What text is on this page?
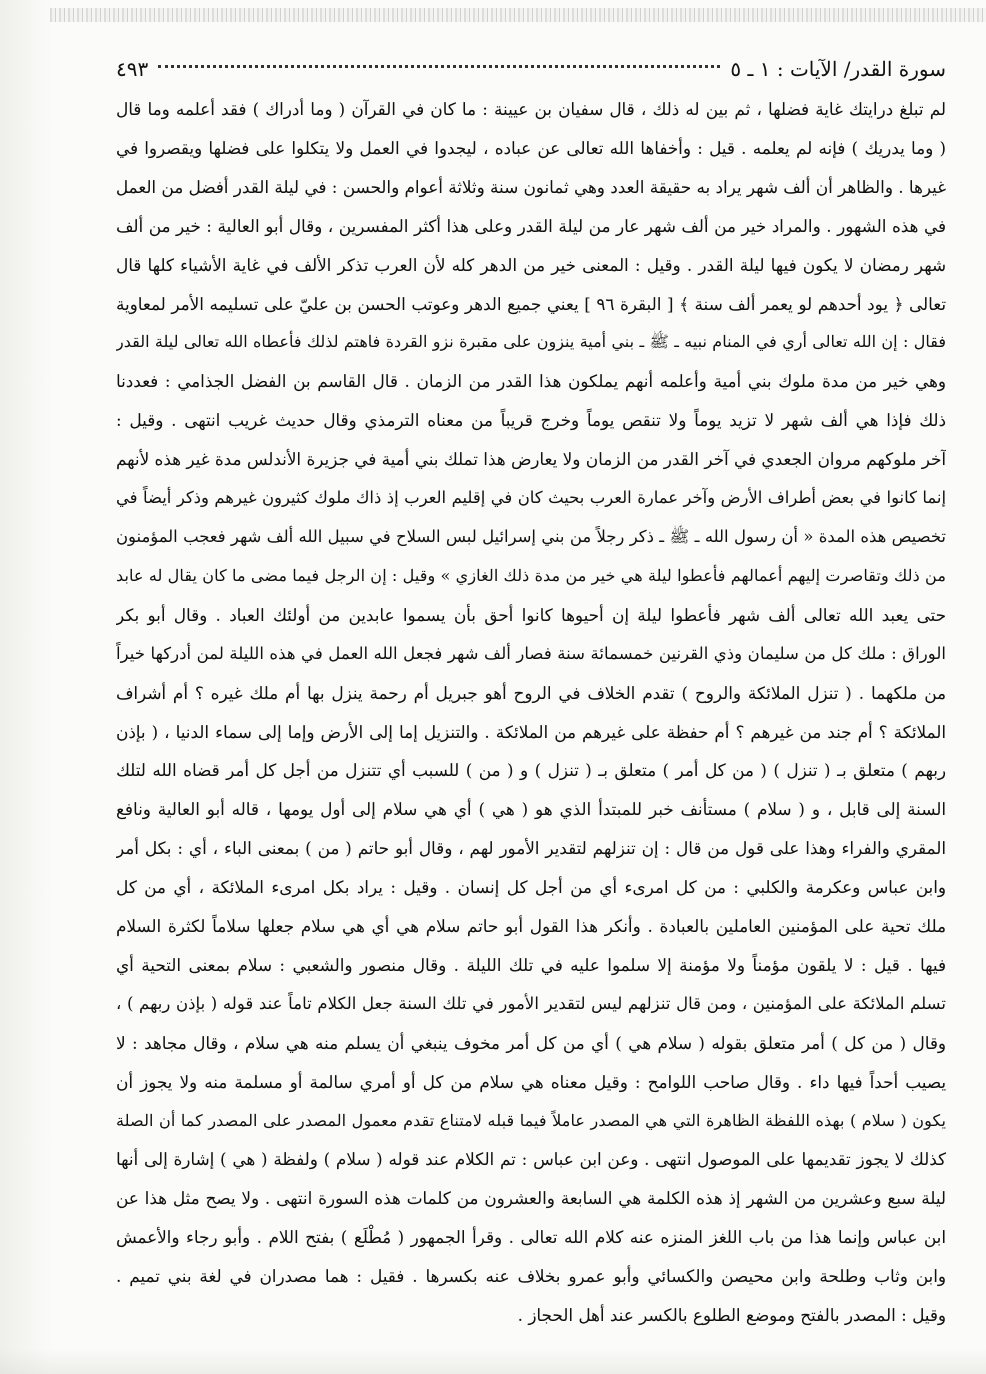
سورة القدر/ الآيات : ١ ـ ٥
٤٩٣
لم تبلغ درايتك غاية فضلها ، ثم بين له ذلك ، قال سفيان بن عيينة : ما كان في القرآن ( وما أدراك ) فقد أعلمه وما قال
( وما يدريك ) فإنه لم يعلمه . قيل : وأخفاها الله تعالى عن عباده ، ليجدوا في العمل ولا يتكلوا على فضلها ويقصروا في
غيرها . والظاهر أن ألف شهر يراد به حقيقة العدد وهي ثمانون سنة وثلاثة أعوام والحسن : في ليلة القدر أفضل من العمل
في هذه الشهور . والمراد خير من ألف شهر عار من ليلة القدر وعلى هذا أكثر المفسرين ، وقال أبو العالية : خير من ألف
شهر رمضان لا يكون فيها ليلة القدر . وقيل : المعنى خير من الدهر كله لأن العرب تذكر الألف في غاية الأشياء كلها قال
تعالى ﴿ يود أحدهم لو يعمر ألف سنة ﴾ [ البقرة ٩٦ ] يعني جميع الدهر وعوتب الحسن بن عليّ على تسليمه الأمر لمعاوية
فقال : إن الله تعالى أري في المنام نبيه ـ ﷺ ـ بني أمية ينزون على مقبرة نزو القردة فاهتم لذلك فأعطاه الله تعالى ليلة القدر
وهي خير من مدة ملوك بني أمية وأعلمه أنهم يملكون هذا القدر من الزمان . قال القاسم بن الفضل الجذامي : فعددنا
ذلك فإذا هي ألف شهر لا تزيد يوماً ولا تنقص يوماً وخرج قريباً من معناه الترمذي وقال حديث غريب انتهى . وقيل :
آخر ملوكهم مروان الجعدي في آخر القدر من الزمان ولا يعارض هذا تملك بني أمية في جزيرة الأندلس مدة غير هذه لأنهم
إنما كانوا في بعض أطراف الأرض وآخر عمارة العرب بحيث كان في إقليم العرب إذ ذاك ملوك كثيرون غيرهم وذكر أيضاً في
تخصيص هذه المدة « أن رسول الله ـ ﷺ ـ ذكر رجلاً من بني إسرائيل لبس السلاح في سبيل الله ألف شهر فعجب المؤمنون
من ذلك وتقاصرت إليهم أعمالهم فأعطوا ليلة هي خير من مدة ذلك الغازي » وقيل : إن الرجل فيما مضى ما كان يقال له عابد
حتى يعبد الله تعالى ألف شهر فأعطوا ليلة إن أحيوها كانوا أحق بأن يسموا عابدين من أولئك العباد . وقال أبو بكر
الوراق : ملك كل من سليمان وذي القرنين خمسمائة سنة فصار ألف شهر فجعل الله العمل في هذه الليلة لمن أدركها خيراً
من ملكهما . ( تنزل الملائكة والروح ) تقدم الخلاف في الروح أهو جبريل أم رحمة ينزل بها أم ملك غيره ؟ أم أشراف
الملائكة ؟ أم جند من غيرهم ؟ أم حفظة على غيرهم من الملائكة . والتنزيل إما إلى الأرض وإما إلى سماء الدنيا ، ( بإذن
ربهم ) متعلق بـ ( تنزل ) ( من كل أمر ) متعلق بـ ( تنزل ) و ( من ) للسبب أي تتنزل من أجل كل أمر قضاه الله لتلك
السنة إلى قابل ، و ( سلام ) مستأنف خبر للمبتدأ الذي هو ( هي ) أي هي سلام إلى أول يومها ، قاله أبو العالية ونافع
المقري والفراء وهذا على قول من قال : إن تنزلهم لتقدير الأمور لهم ، وقال أبو حاتم ( من ) بمعنى الباء ، أي : بكل أمر
وابن عباس وعكرمة والكلبي : من كل امرىء أي من أجل كل إنسان . وقيل : يراد بكل امرىء الملائكة ، أي من كل
ملك تحية على المؤمنين العاملين بالعبادة . وأنكر هذا القول أبو حاتم سلام هي أي هي سلام جعلها سلاماً لكثرة السلام
فيها . قيل : لا يلقون مؤمناً ولا مؤمنة إلا سلموا عليه في تلك الليلة . وقال منصور والشعبي : سلام بمعنى التحية أي
تسلم الملائكة على المؤمنين ، ومن قال تنزلهم ليس لتقدير الأمور في تلك السنة جعل الكلام تاماً عند قوله ( بإذن ربهم ) ،
وقال ( من كل ) أمر متعلق بقوله ( سلام هي ) أي من كل أمر مخوف ينبغي أن يسلم منه هي سلام ، وقال مجاهد : لا
يصيب أحداً فيها داء . وقال صاحب اللوامح : وقيل معناه هي سلام من كل أو أمري سالمة أو مسلمة منه ولا يجوز أن
يكون ( سلام ) بهذه اللفظة الظاهرة التي هي المصدر عاملاً فيما قبله لامتناع تقدم معمول المصدر على المصدر كما أن الصلة
كذلك لا يجوز تقديمها على الموصول انتهى . وعن ابن عباس : تم الكلام عند قوله ( سلام ) ولفظة ( هي ) إشارة إلى أنها
ليلة سبع وعشرين من الشهر إذ هذه الكلمة هي السابعة والعشرون من كلمات هذه السورة انتهى . ولا يصح مثل هذا عن
ابن عباس وإنما هذا من باب اللغز المنزه عنه كلام الله تعالى . وقرأ الجمهور ( مُطْلَع ) بفتح اللام . وأبو رجاء والأعمش
وابن وثاب وطلحة وابن محيصن والكسائي وأبو عمرو بخلاف عنه بكسرها . فقيل : هما مصدران في لغة بني تميم .
وقيل : المصدر بالفتح وموضع الطلوع بالكسر عند أهل الحجاز .
